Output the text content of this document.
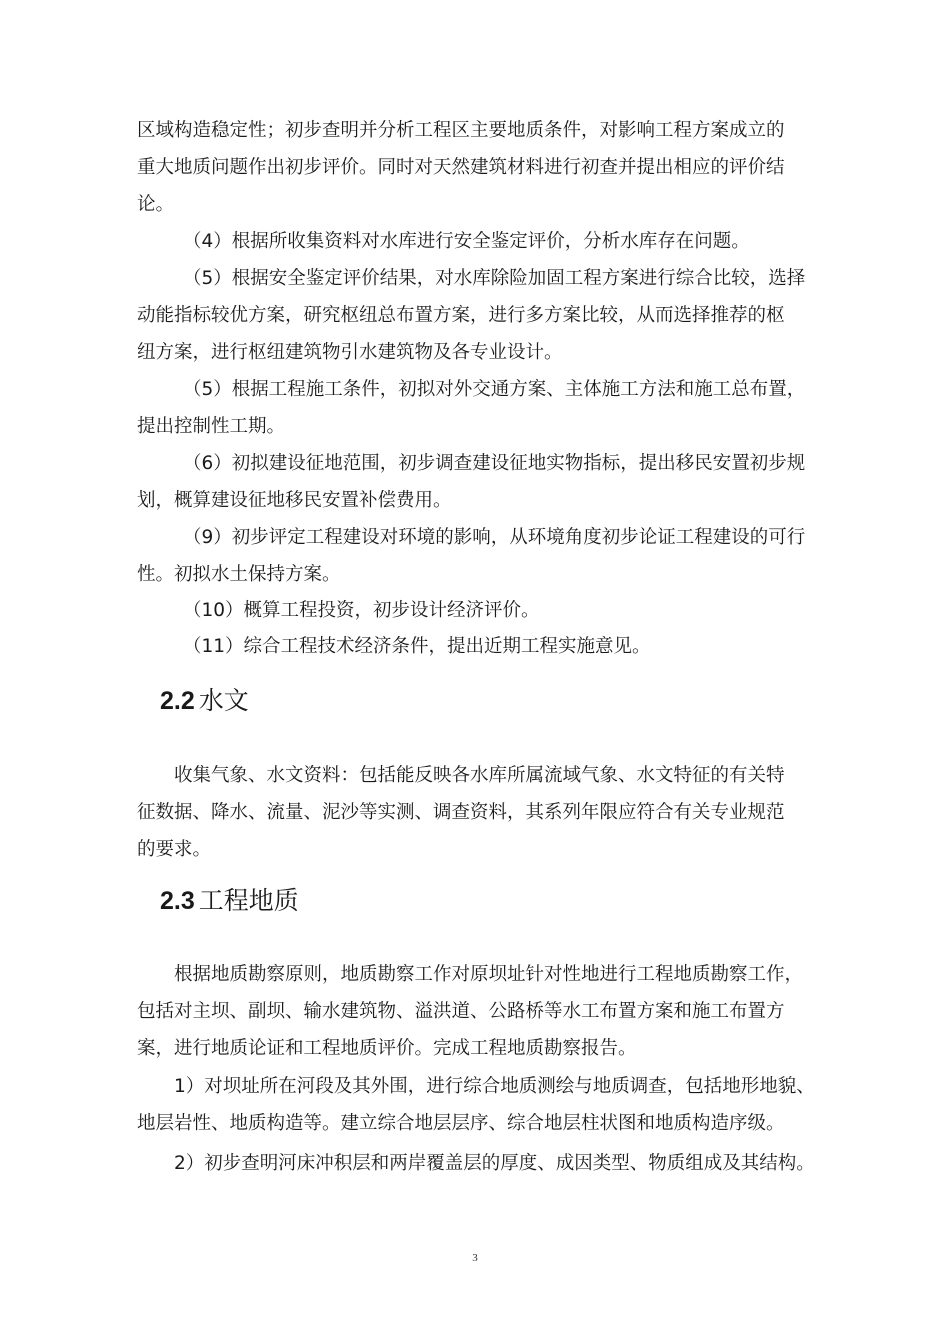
区域构造稳定性；初步查明并分析工程区主要地质条件，对影响工程方案成立的
重大地质问题作出初步评价。同时对天然建筑材料进行初查并提出相应的评价结
论。

（4）根据所收集资料对水库进行安全鉴定评价，分析水库存在问题。

（5）根据安全鉴定评价结果，对水库除险加固工程方案进行综合比较，选择
动能指标较优方案，研究枢纽总布置方案，进行多方案比较，从而选择推荐的枢
纽方案，进行枢纽建筑物引水建筑物及各专业设计。

（5）根据工程施工条件，初拟对外交通方案、主体施工方法和施工总布置，
提出控制性工期。

（6）初拟建设征地范围，初步调查建设征地实物指标，提出移民安置初步规
划，概算建设征地移民安置补偿费用。

（9）初步评定工程建设对环境的影响，从环境角度初步论证工程建设的可行
性。初拟水土保持方案。

（10）概算工程投资，初步设计经济评价。

（11）综合工程技术经济条件，提出近期工程实施意见。

2.2 水文

收集气象、水文资料：包括能反映各水库所属流域气象、水文特征的有关特
征数据、降水、流量、泥沙等实测、调查资料，其系列年限应符合有关专业规范
的要求。

2.3 工程地质

根据地质勘察原则，地质勘察工作对原坝址针对性地进行工程地质勘察工作，
包括对主坝、副坝、输水建筑物、溢洪道、公路桥等水工布置方案和施工布置方
案，进行地质论证和工程地质评价。完成工程地质勘察报告。

1）对坝址所在河段及其外围，进行综合地质测绘与地质调查，包括地形地貌、
地层岩性、地质构造等。建立综合地层层序、综合地层柱状图和地质构造序级。

2）初步查明河床冲积层和两岸覆盖层的厚度、成因类型、物质组成及其结构。

3
